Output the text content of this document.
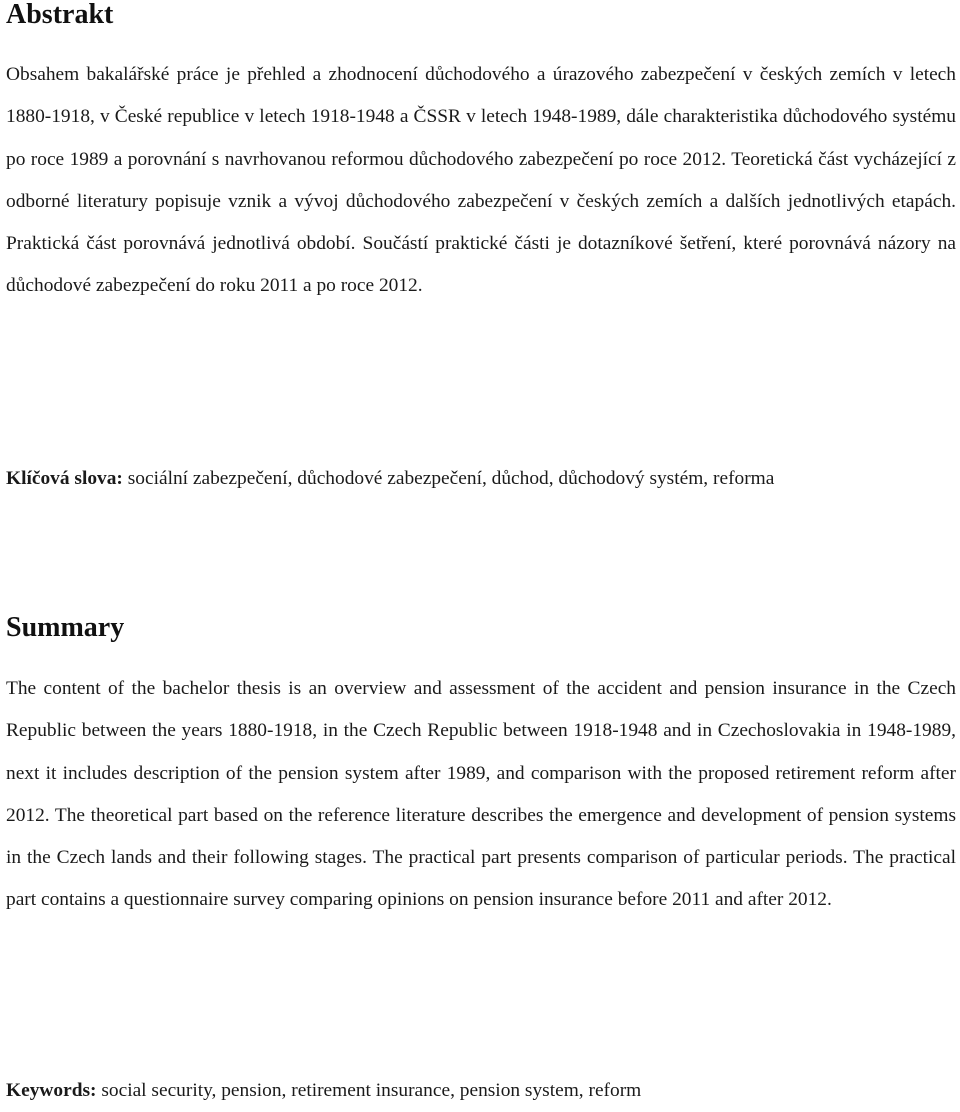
Abstrakt

Obsahem bakalářské práce je přehled a zhodnocení důchodového a úrazového zabezpečení v českých zemích v letech 1880-1918, v České republice v letech 1918-1948 a ČSSR v letech 1948-1989, dále charakteristika důchodového systému po roce 1989 a porovnání s navrhovanou reformou důchodového zabezpečení po roce 2012. Teoretická část vycházející z odborné literatury popisuje vznik a vývoj důchodového zabezpečení v českých zemích a dalších jednotlivých etapách. Praktická část porovnává jednotlivá období. Součástí praktické části je dotazníkové šetření, které porovnává názory na důchodové zabezpečení do roku 2011 a po roce 2012.

Klíčová slova: sociální zabezpečení, důchodové zabezpečení, důchod, důchodový systém, reforma

Summary

The content of the bachelor thesis is an overview and assessment of the accident and pension insurance in the Czech Republic between the years 1880-1918, in the Czech Republic between 1918-1948 and in Czechoslovakia in 1948-1989, next it includes description of the pension system after 1989, and comparison with the proposed retirement reform after 2012. The theoretical part based on the reference literature describes the emergence and development of pension systems in the Czech lands and their following stages. The practical part presents comparison of particular periods. The practical part contains a questionnaire survey comparing opinions on pension insurance before 2011 and after 2012.

Keywords: social security, pension, retirement insurance, pension system, reform
